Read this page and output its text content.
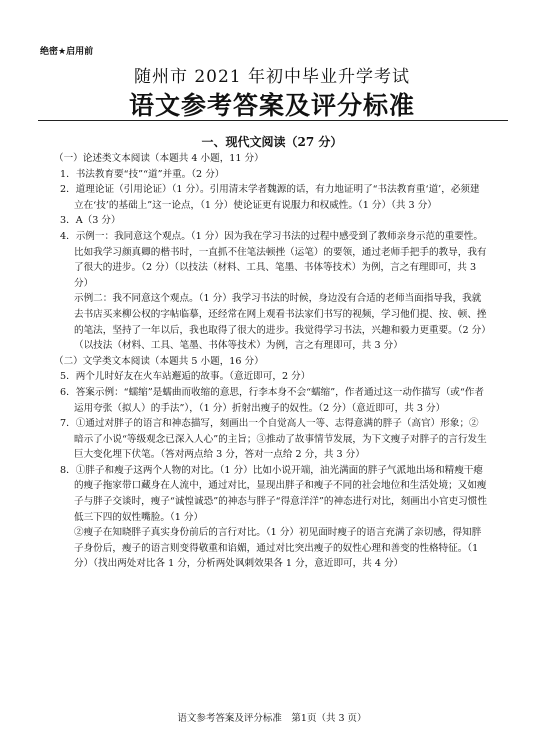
绝密★启用前
随州市 2021 年初中毕业升学考试
语文参考答案及评分标准
一、现代文阅读（27 分）

（一）论述类文本阅读（本题共 4 小题，11 分）

1．书法教育要“技”“道”并重。（2 分）

2．道理论证（引用论证）（1 分）。引用清末学者魏源的话，有力地证明了“书法教育重‘道’，必须建立在‘技’的基础上”这一论点，（1 分）使论证更有说服力和权威性。（1 分）（共 3 分）

3．A（3 分）

4．示例一：我同意这个观点。（1 分）因为我在学习书法的过程中感受到了教师亲身示范的重要性。比如我学习颜真卿的楷书时，一直抓不住笔法顿挫（运笔）的要领，通过老师手把手的教导，我有了很大的进步。（2 分）（以技法（材料、工具、笔墨、书体等技术）为例，言之有理即可，共 3 分）

示例二：我不同意这个观点。（1 分）我学习书法的时候，身边没有合适的老师当面指导我，我就去书店买来柳公权的字帖临摹，还经常在网上观看书法家们书写的视频，学习他们提、按、顿、挫的笔法，坚持了一年以后，我也取得了很大的进步。我觉得学习书法，兴趣和毅力更重要。（2 分）（以技法（材料、工具、笔墨、书体等技术）为例，言之有理即可，共 3 分）

（二）文学类文本阅读（本题共 5 小题，16 分）

5．两个儿时好友在火车站邂逅的故事。（意近即可，2 分）

6．答案示例：“蠕缩”是蠕曲而收缩的意思，行李本身不会“蠕缩”，作者通过这一动作描写（或“作者运用夸张（拟人）的手法”），（1 分）折射出瘦子的奴性。（2 分）（意近即可，共 3 分）

7．①通过对胖子的语言和神态描写，刻画出一个自觉高人一等、志得意满的胖子（高官）形象；②暗示了小说“等级观念已深入人心”的主旨；③推动了故事情节发展，为下文瘦子对胖子的言行发生巨大变化埋下伏笔。（答对两点给 3 分，答对一点给 2 分，共 3 分）

8．①胖子和瘦子这两个人物的对比。（1 分）比如小说开端，油光满面的胖子气派地出场和精瘦干瘪的瘦子拖家带口藏身在人流中，通过对比，显现出胖子和瘦子不同的社会地位和生活处境；又如瘦子与胖子交谈时，瘦子“诚惶诚恐”的神态与胖子“得意洋洋”的神态进行对比，刻画出小官吏习惯性低三下四的奴性嘴脸。（1 分）

②瘦子在知晓胖子真实身份前后的言行对比。（1 分）初见面时瘦子的语言充满了亲切感，得知胖子身份后，瘦子的语言则变得敬重和谄媚，通过对比突出瘦子的奴性心理和善变的性格特征。（1 分）（找出两处对比各 1 分，分析两处讽刺效果各 1 分，意近即可，共 4 分）

语文参考答案及评分标准　第1页（共 3 页）
